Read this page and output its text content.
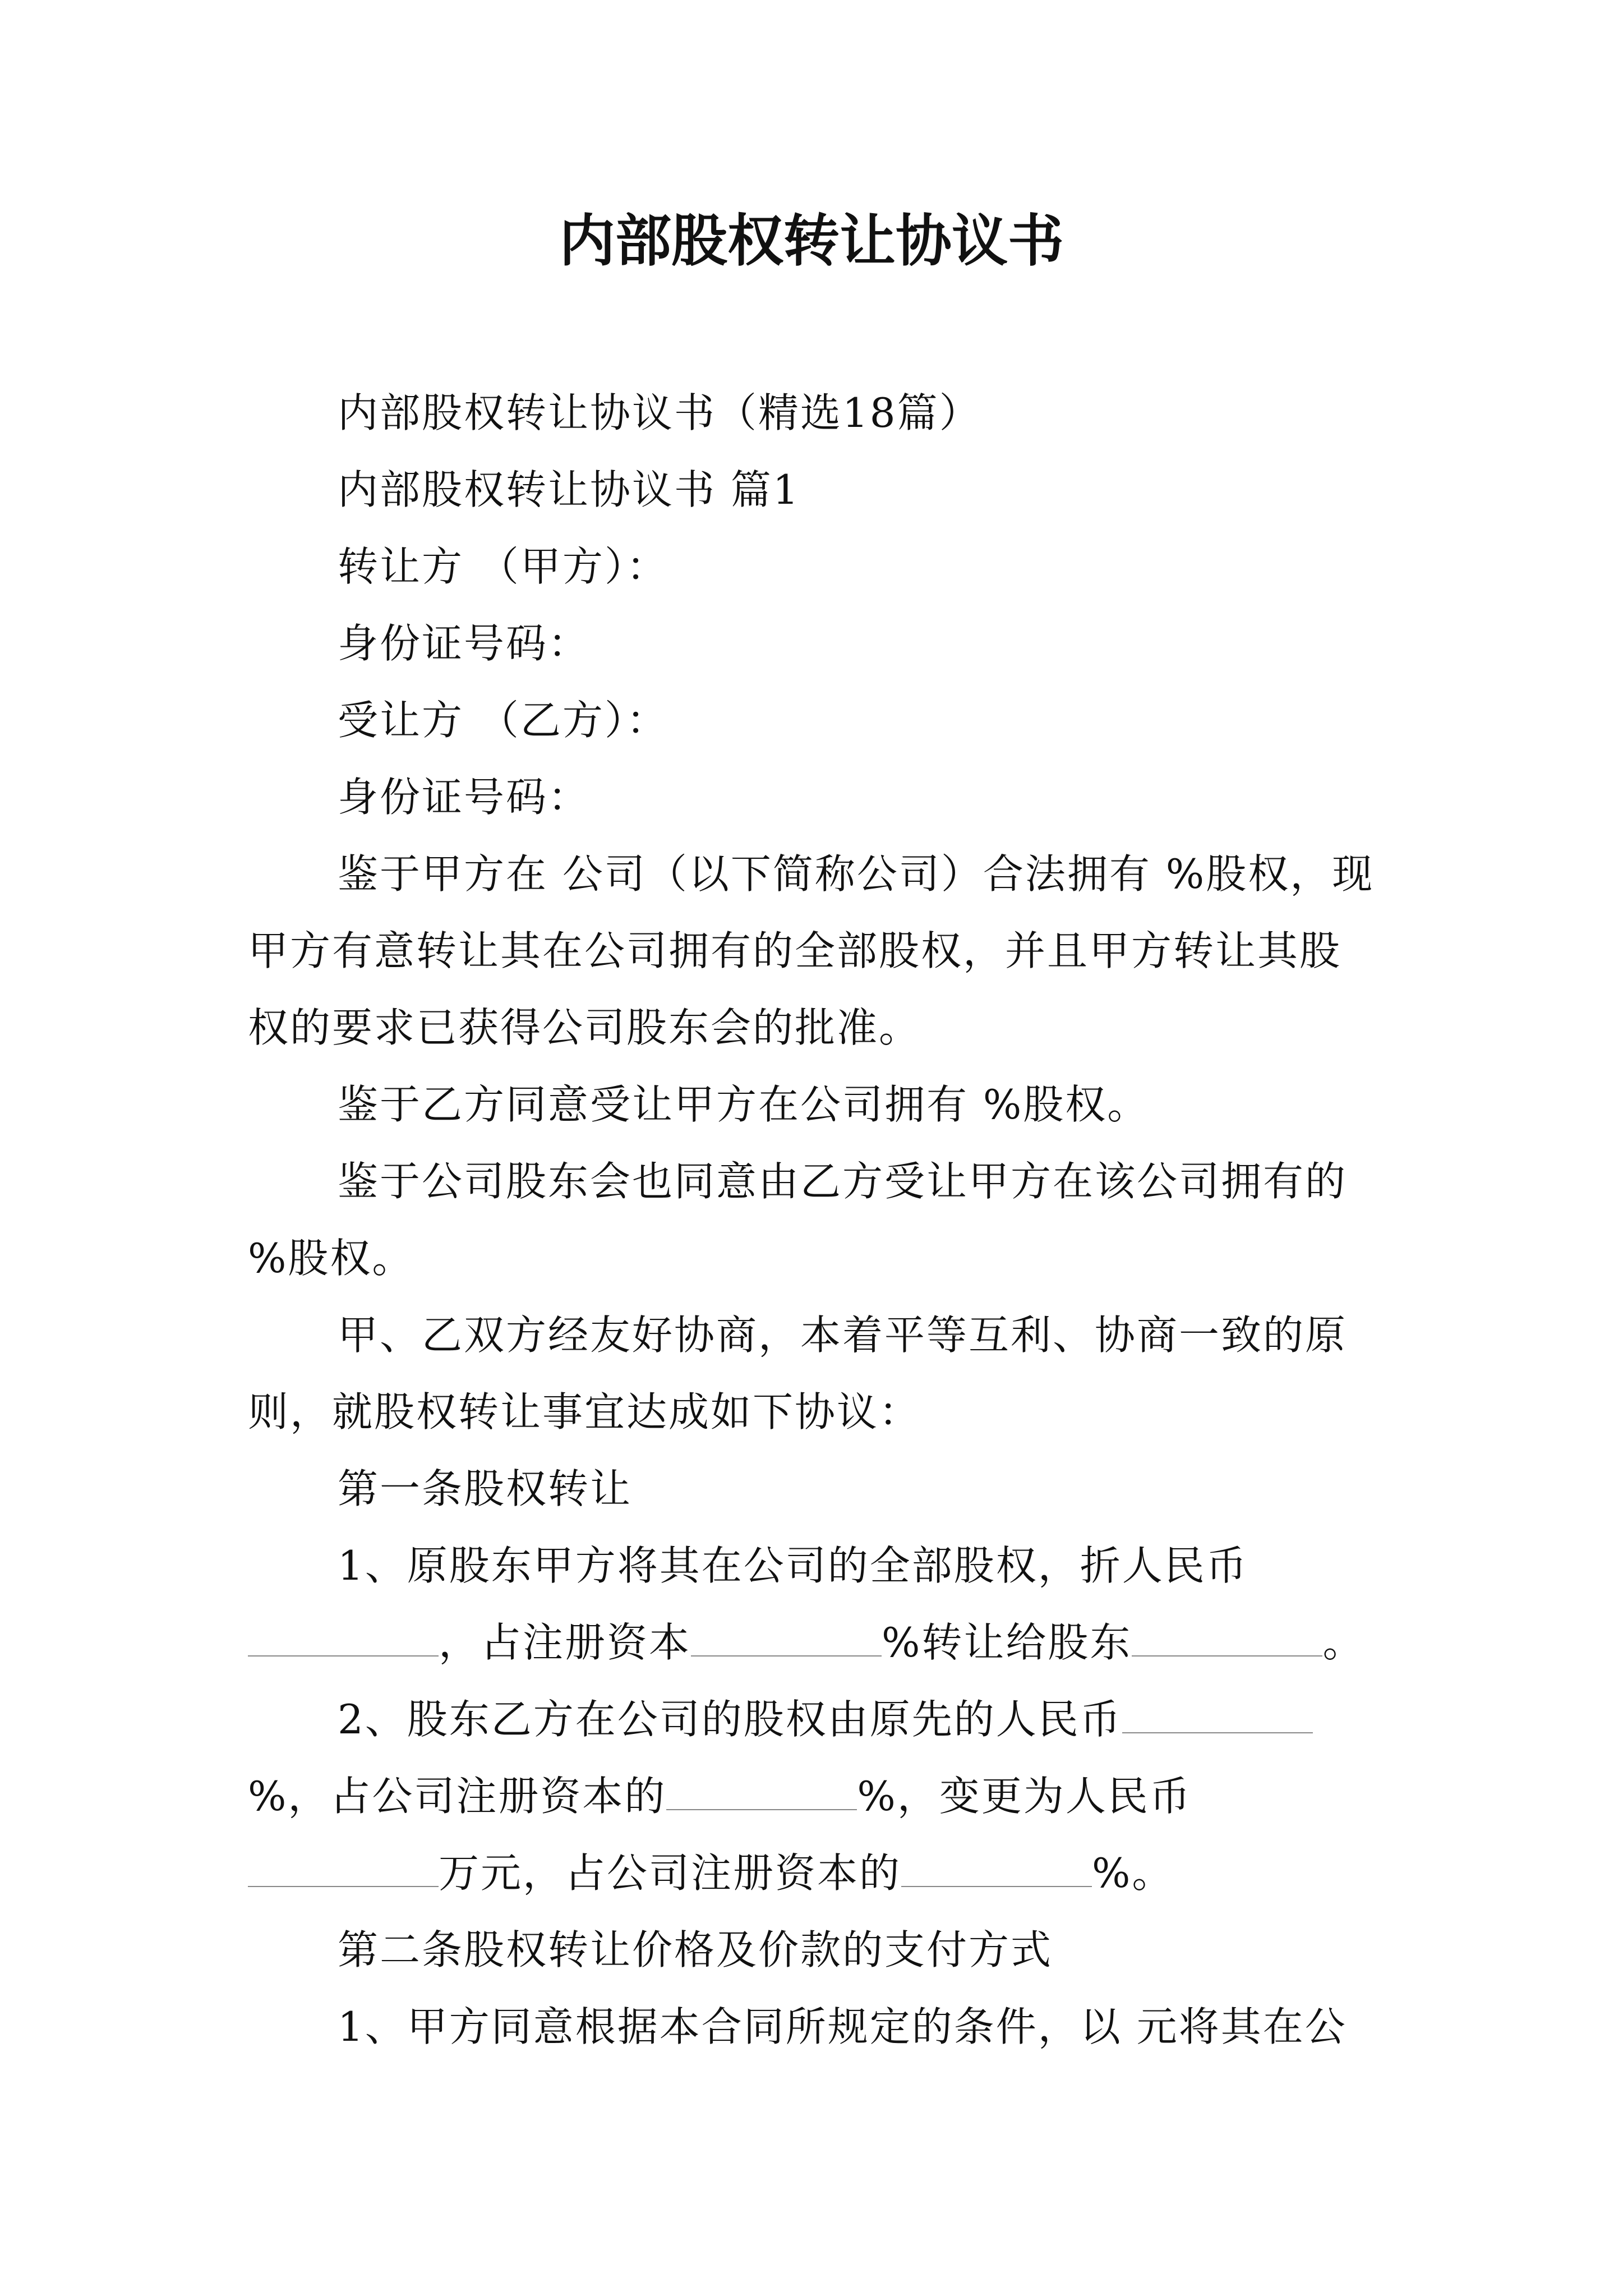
内部股权转让协议书

内部股权转让协议书（精选18篇）

内部股权转让协议书 篇1

转让方 （甲方）：

身份证号码：

受让方 （乙方）：

身份证号码：

鉴于甲方在 公司（以下简称公司）合法拥有 %股权，现甲方有意转让其在公司拥有的全部股权，并且甲方转让其股权的要求已获得公司股东会的批准。

鉴于乙方同意受让甲方在公司拥有 %股权。

鉴于公司股东会也同意由乙方受让甲方在该公司拥有的 %股权。

甲、乙双方经友好协商，本着平等互利、协商一致的原则，就股权转让事宜达成如下协议：

第一条股权转让

1、原股东甲方将其在公司的全部股权，折人民币，占注册资本	%转让给股东	。

2、股东乙方在公司的股权由原先的人民币%，占公司注册资本的	%，变更为人民币万元，占公司注册资本的	%。

第二条股权转让价格及价款的支付方式

1、甲方同意根据本合同所规定的条件，以 元将其在公
